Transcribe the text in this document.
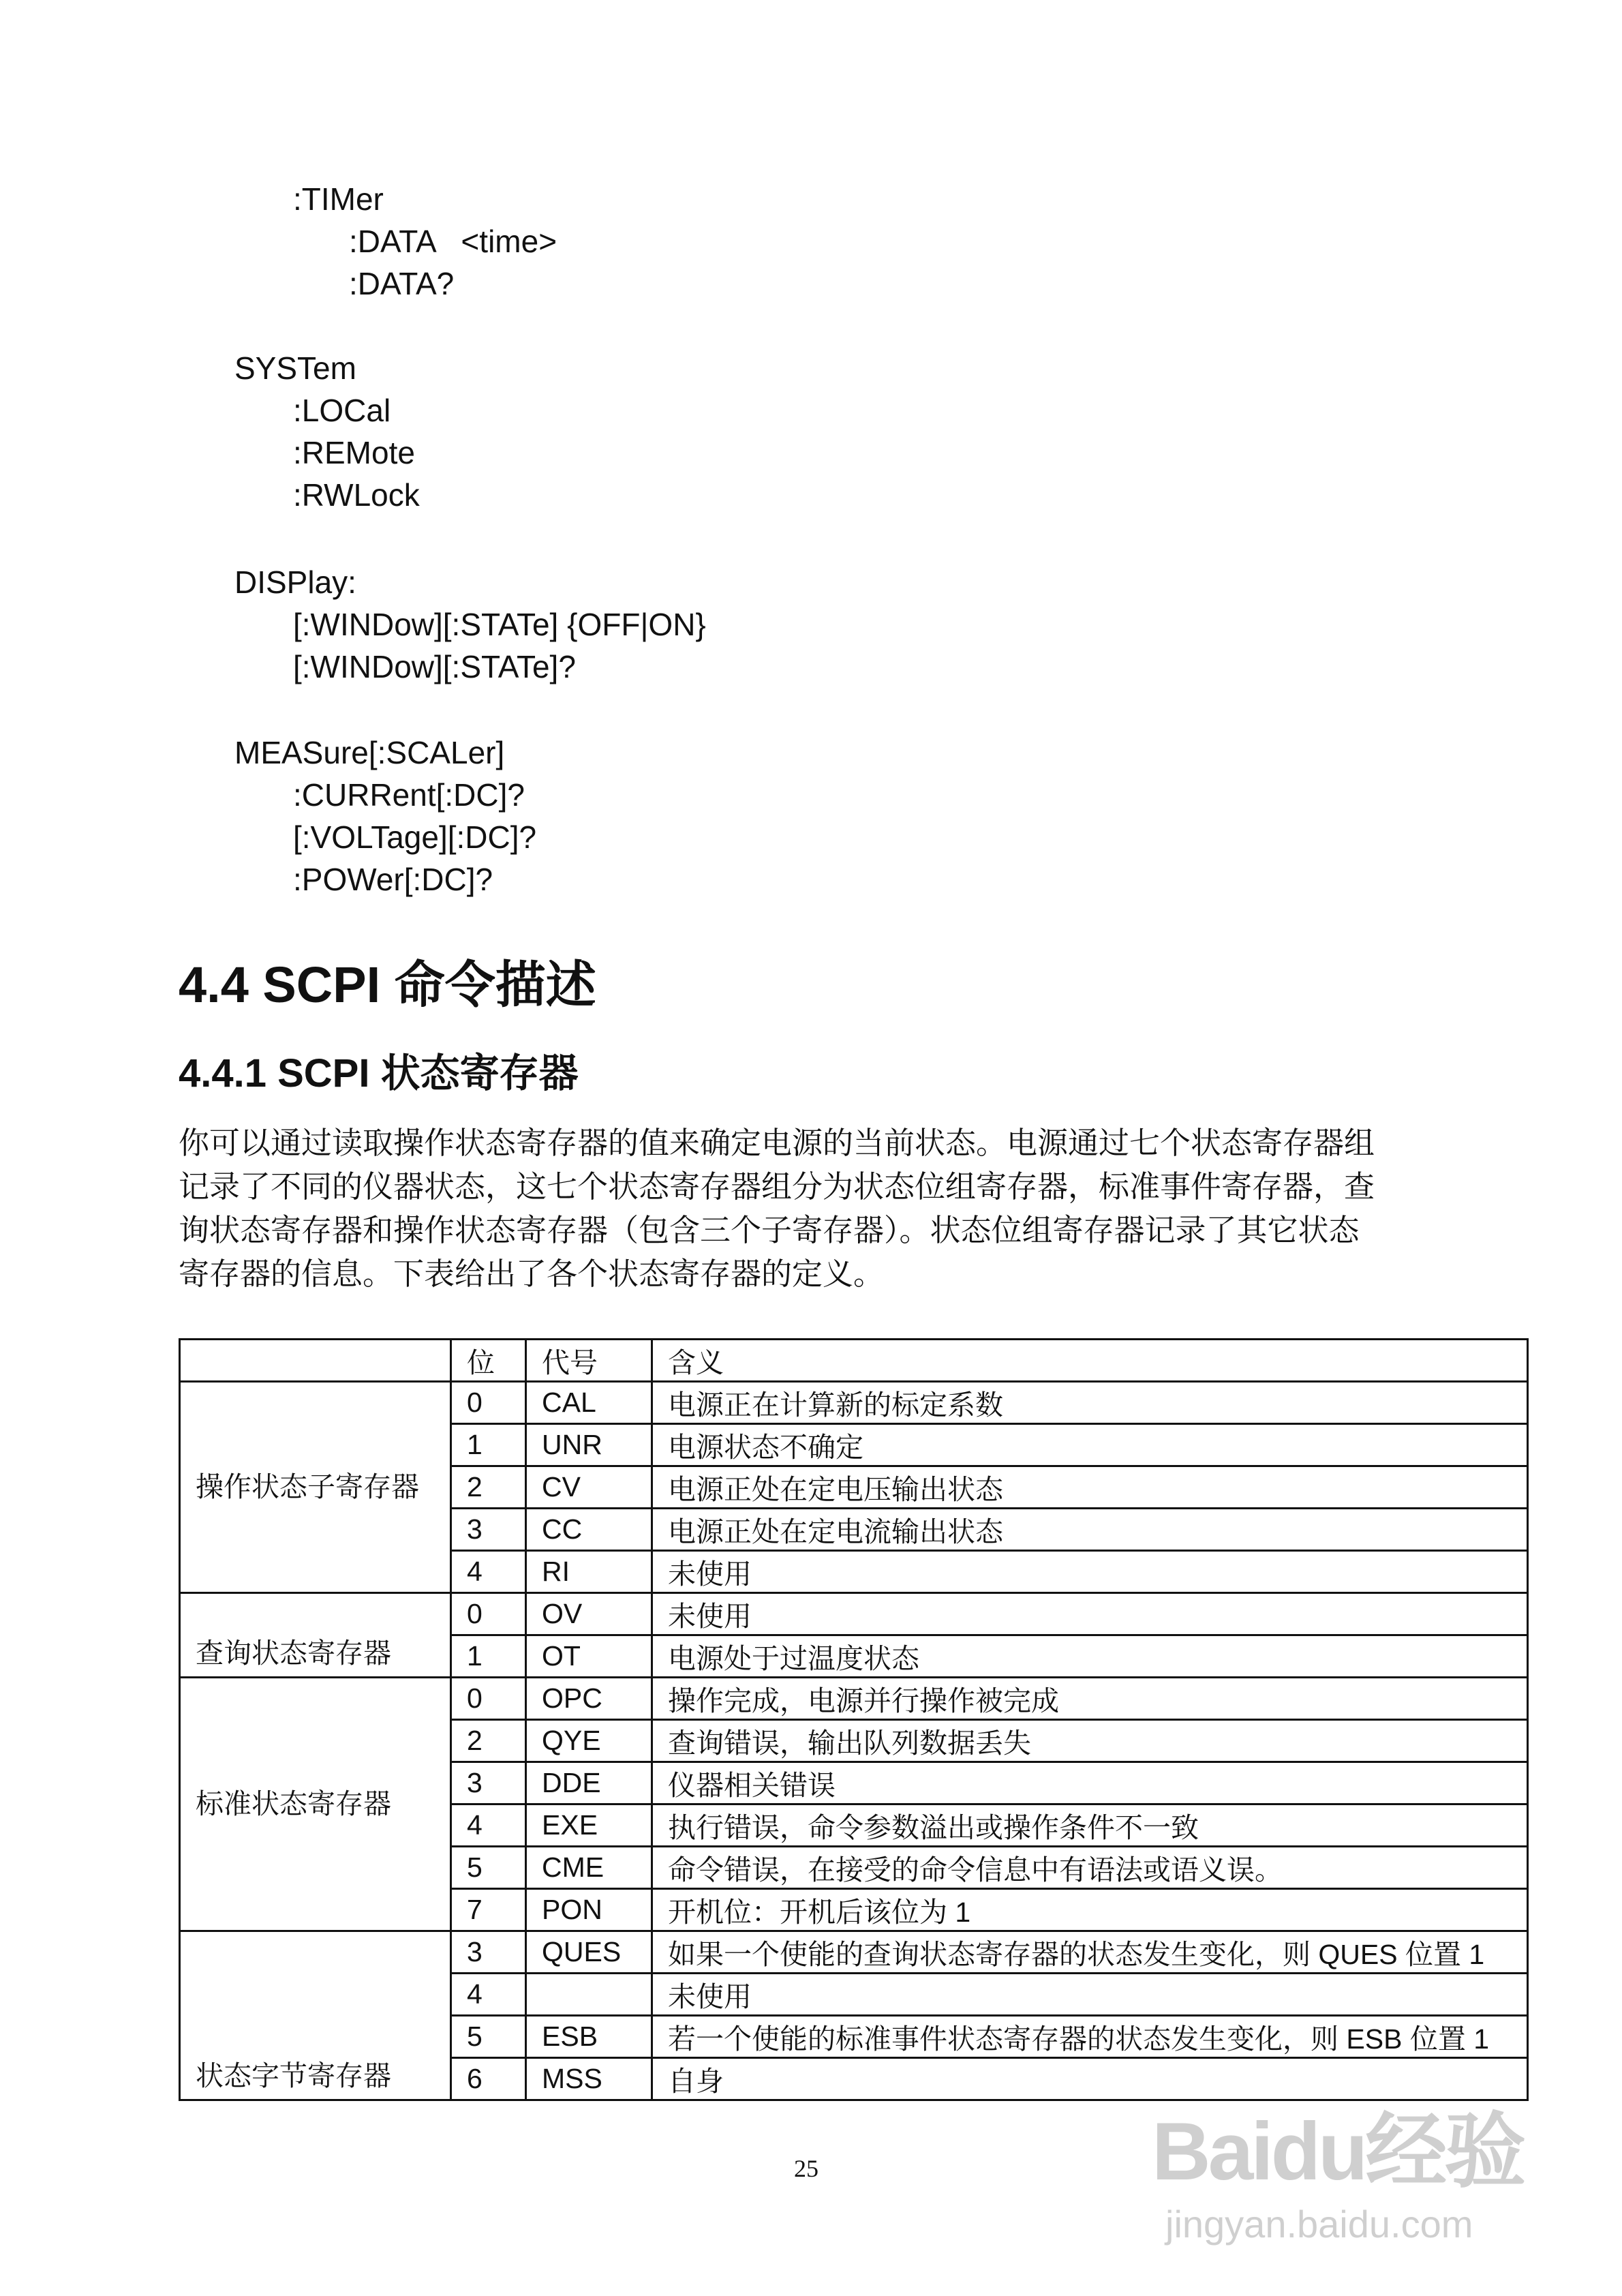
:TIMer
:DATA   <time>
:DATA?
SYSTem
:LOCal
:REMote
:RWLock
DISPlay:
[:WINDow][:STATe] {OFF|ON}
[:WINDow][:STATe]?
MEASure[:SCALer]
:CURRent[:DC]?
[:VOLTage][:DC]?
:POWer[:DC]?
4.4 SCPI 命令描述
4.4.1 SCPI 状态寄存器
你可以通过读取操作状态寄存器的值来确定电源的当前状态。电源通过七个状态寄存器组
记录了不同的仪器状态，这七个状态寄存器组分为状态位组寄存器，标准事件寄存器，查
询状态寄存器和操作状态寄存器（包含三个子寄存器）。状态位组寄存器记录了其它状态
寄存器的信息。下表给出了各个状态寄存器的定义。
	位	代号	含义
操作状态子寄存器	0	CAL	电源正在计算新的标定系数
	1	UNR	电源状态不确定
	2	CV	电源正处在定电压输出状态
	3	CC	电源正处在定电流输出状态
	4	RI	未使用
查询状态寄存器	0	OV	未使用
	1	OT	电源处于过温度状态
标准状态寄存器	0	OPC	操作完成，电源并行操作被完成
	2	QYE	查询错误，输出队列数据丢失
	3	DDE	仪器相关错误
	4	EXE	执行错误，命令参数溢出或操作条件不一致
	5	CME	命令错误，在接受的命令信息中有语法或语义误。
	7	PON	开机位：开机后该位为 1
状态字节寄存器	3	QUES	如果一个使能的查询状态寄存器的状态发生变化，则 QUES 位置 1
	4		未使用
	5	ESB	若一个使能的标准事件状态寄存器的状态发生变化，则 ESB 位置 1
	6	MSS	自身
25	Baidu经验
jingyan.baidu.com
